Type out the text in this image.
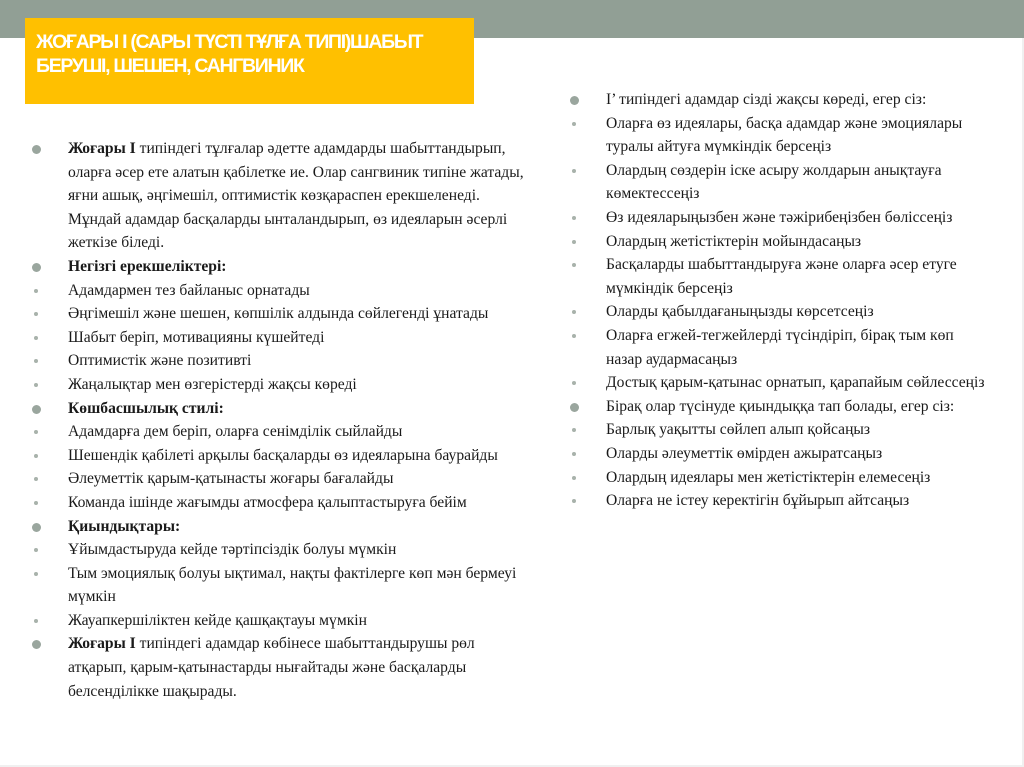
ЖОҒАРЫ I (САРЫ ТҮСТІ ТҰЛҒА ТИПІ)ШАБЫТ БЕРУШІ, ШЕШЕН, САНГВИНИК

Жоғары I типіндегі тұлғалар әдетте адамдарды шабыттандырып, оларға әсер ете алатын қабілетке ие. Олар сангвиник типіне жатады, яғни ашық, әңгімешіл, оптимистік көзқараспен ерекшеленеді. Мұндай адамдар басқаларды ынталандырып, өз идеяларын әсерлі жеткізе біледі.

Негізгі ерекшеліктері:

Адамдармен тез байланыс орнатады

Әңгімешіл және шешен, көпшілік алдында сөйлегенді ұнатады

Шабыт беріп, мотивацияны күшейтеді

Оптимистік және позитивті

Жаңалықтар мен өзгерістерді жақсы көреді

Көшбасшылық стилі:

Адамдарға дем беріп, оларға сенімділік сыйлайды

Шешендік қабілеті арқылы басқаларды өз идеяларына баурайды

Әлеуметтік қарым-қатынасты жоғары бағалайды

Команда ішінде жағымды атмосфера қалыптастыруға бейім

Қиындықтары:

Ұйымдастыруда кейде тәртіпсіздік болуы мүмкін

Тым эмоциялық болуы ықтимал, нақты фактілерге көп мән бермеуі мүмкін

Жауапкершіліктен кейде қашқақтауы мүмкін

Жоғары I типіндегі адамдар көбінесе шабыттандырушы рөл атқарып, қарым-қатынастарды нығайтады және басқаларды белсенділікке шақырады.

I’ типіндегі адамдар сізді жақсы көреді, егер сіз:

Оларға өз идеялары, басқа адамдар және эмоциялары туралы айтуға мүмкіндік берсеңіз

Олардың сөздерін іске асыру жолдарын анықтауға көмектессеңіз

Өз идеяларыңызбен және тәжірибеңізбен бөліссеңіз

Олардың жетістіктерін мойындасаңыз

Басқаларды шабыттандыруға және оларға әсер етуге мүмкіндік берсеңіз

Оларды қабылдағаныңызды көрсетсеңіз

Оларға егжей-тегжейлерді түсіндіріп, бірақ тым көп назар аудармасаңыз

Достық қарым-қатынас орнатып, қарапайым сөйлессеңіз

Бірақ олар түсінуде қиындыққа тап болады, егер сіз:

Барлық уақытты сөйлеп алып қойсаңыз

Оларды әлеуметтік өмірден ажыратсаңыз

Олардың идеялары мен жетістіктерін елемесеңіз

Оларға не істеу керектігін бұйырып айтсаңыз
